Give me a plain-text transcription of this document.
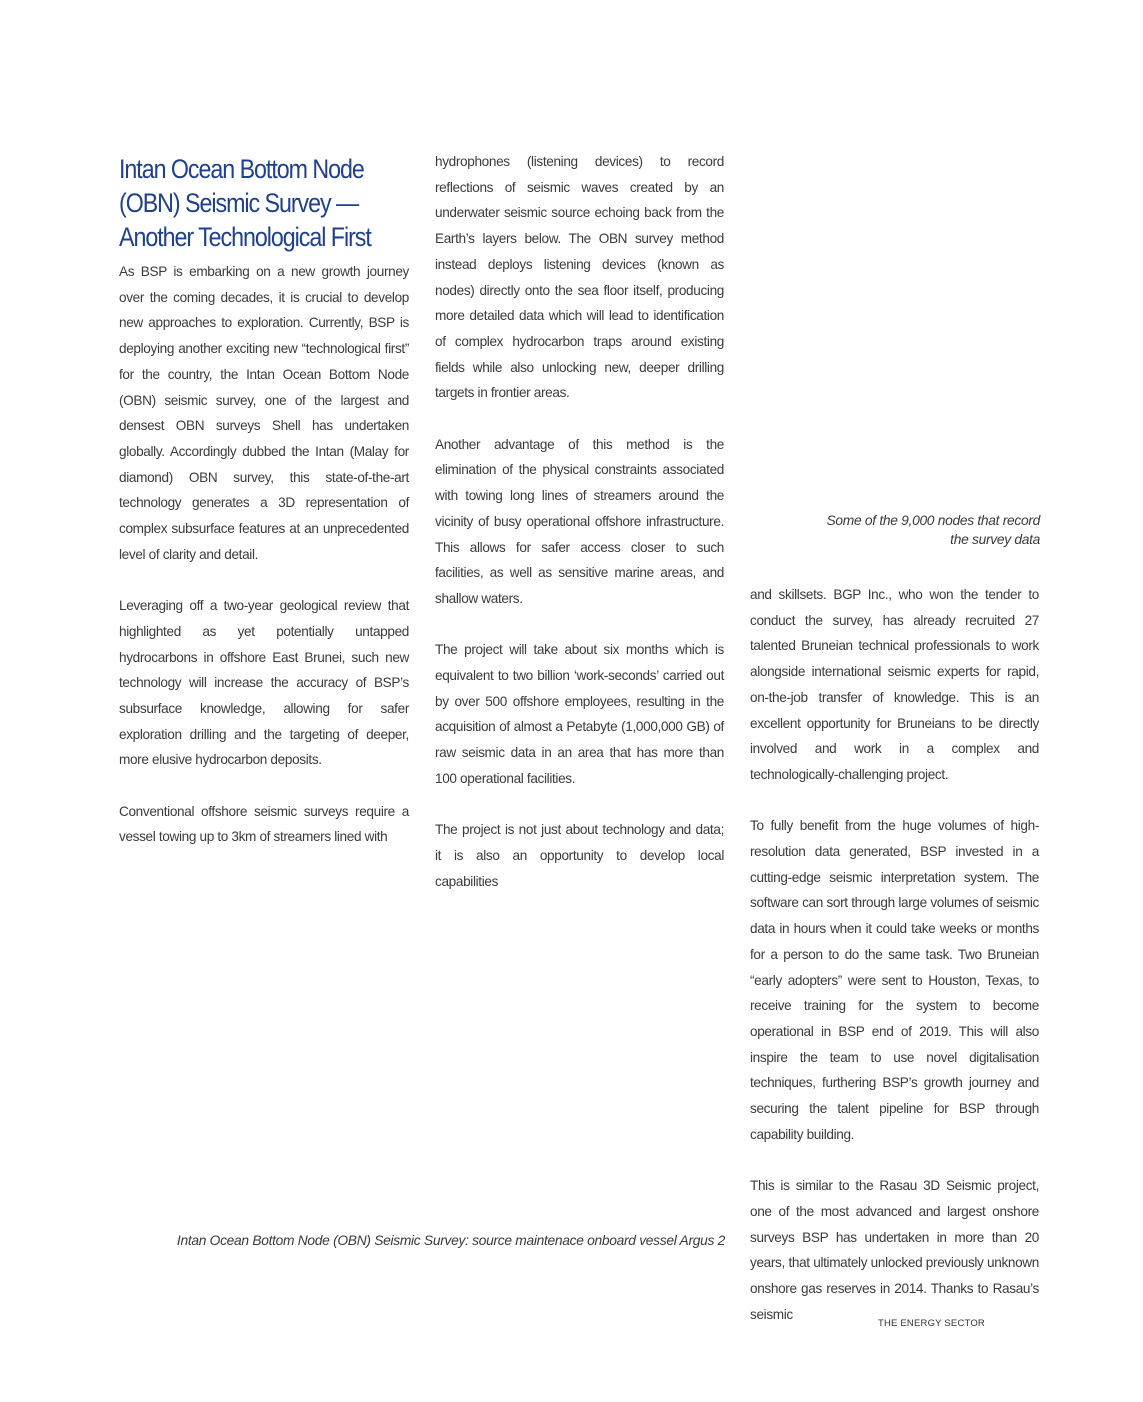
Intan Ocean Bottom Node (OBN) Seismic Survey — Another Technological First

As BSP is embarking on a new growth journey over the coming decades, it is crucial to develop new approaches to exploration. Currently, BSP is deploying another exciting new “technological first” for the country, the Intan Ocean Bottom Node (OBN) seismic survey, one of the largest and densest OBN surveys Shell has undertaken globally. Accordingly dubbed the Intan (Malay for diamond) OBN survey, this state-of-the-art technology generates a 3D representation of complex subsurface features at an unprecedented level of clarity and detail.

Leveraging off a two-year geological review that highlighted as yet potentially untapped hydrocarbons in offshore East Brunei, such new technology will increase the accuracy of BSP’s subsurface knowledge, allowing for safer exploration drilling and the targeting of deeper, more elusive hydrocarbon deposits.

Conventional offshore seismic surveys require a vessel towing up to 3km of streamers lined with

hydrophones (listening devices) to record reflections of seismic waves created by an underwater seismic source echoing back from the Earth’s layers below. The OBN survey method instead deploys listening devices (known as nodes) directly onto the sea floor itself, producing more detailed data which will lead to identification of complex hydrocarbon traps around existing fields while also unlocking new, deeper drilling targets in frontier areas.

Another advantage of this method is the elimination of the physical constraints associated with towing long lines of streamers around the vicinity of busy operational offshore infrastructure. This allows for safer access closer to such facilities, as well as sensitive marine areas, and shallow waters.

The project will take about six months which is equivalent to two billion ‘work-seconds’ carried out by over 500 offshore employees, resulting in the acquisition of almost a Petabyte (1,000,000 GB) of raw seismic data in an area that has more than 100 operational facilities.

The project is not just about technology and data; it is also an opportunity to develop local capabilities

Some of the 9,000 nodes that record
the survey data

and skillsets. BGP Inc., who won the tender to conduct the survey, has already recruited 27 talented Bruneian technical professionals to work alongside international seismic experts for rapid, on-the-job transfer of knowledge. This is an excellent opportunity for Bruneians to be directly involved and work in a complex and technologically-challenging project.

To fully benefit from the huge volumes of high-resolution data generated, BSP invested in a cutting-edge seismic interpretation system. The software can sort through large volumes of seismic data in hours when it could take weeks or months for a person to do the same task. Two Bruneian “early adopters” were sent to Houston, Texas, to receive training for the system to become operational in BSP end of 2019. This will also inspire the team to use novel digitalisation techniques, furthering BSP’s growth journey and securing the talent pipeline for BSP through capability building.

This is similar to the Rasau 3D Seismic project, one of the most advanced and largest onshore surveys BSP has undertaken in more than 20 years, that ultimately unlocked previously unknown onshore gas reserves in 2014. Thanks to Rasau’s seismic

Intan Ocean Bottom Node (OBN) Seismic Survey: source maintenace onboard vessel Argus 2
THE ENERGY SECTOR
